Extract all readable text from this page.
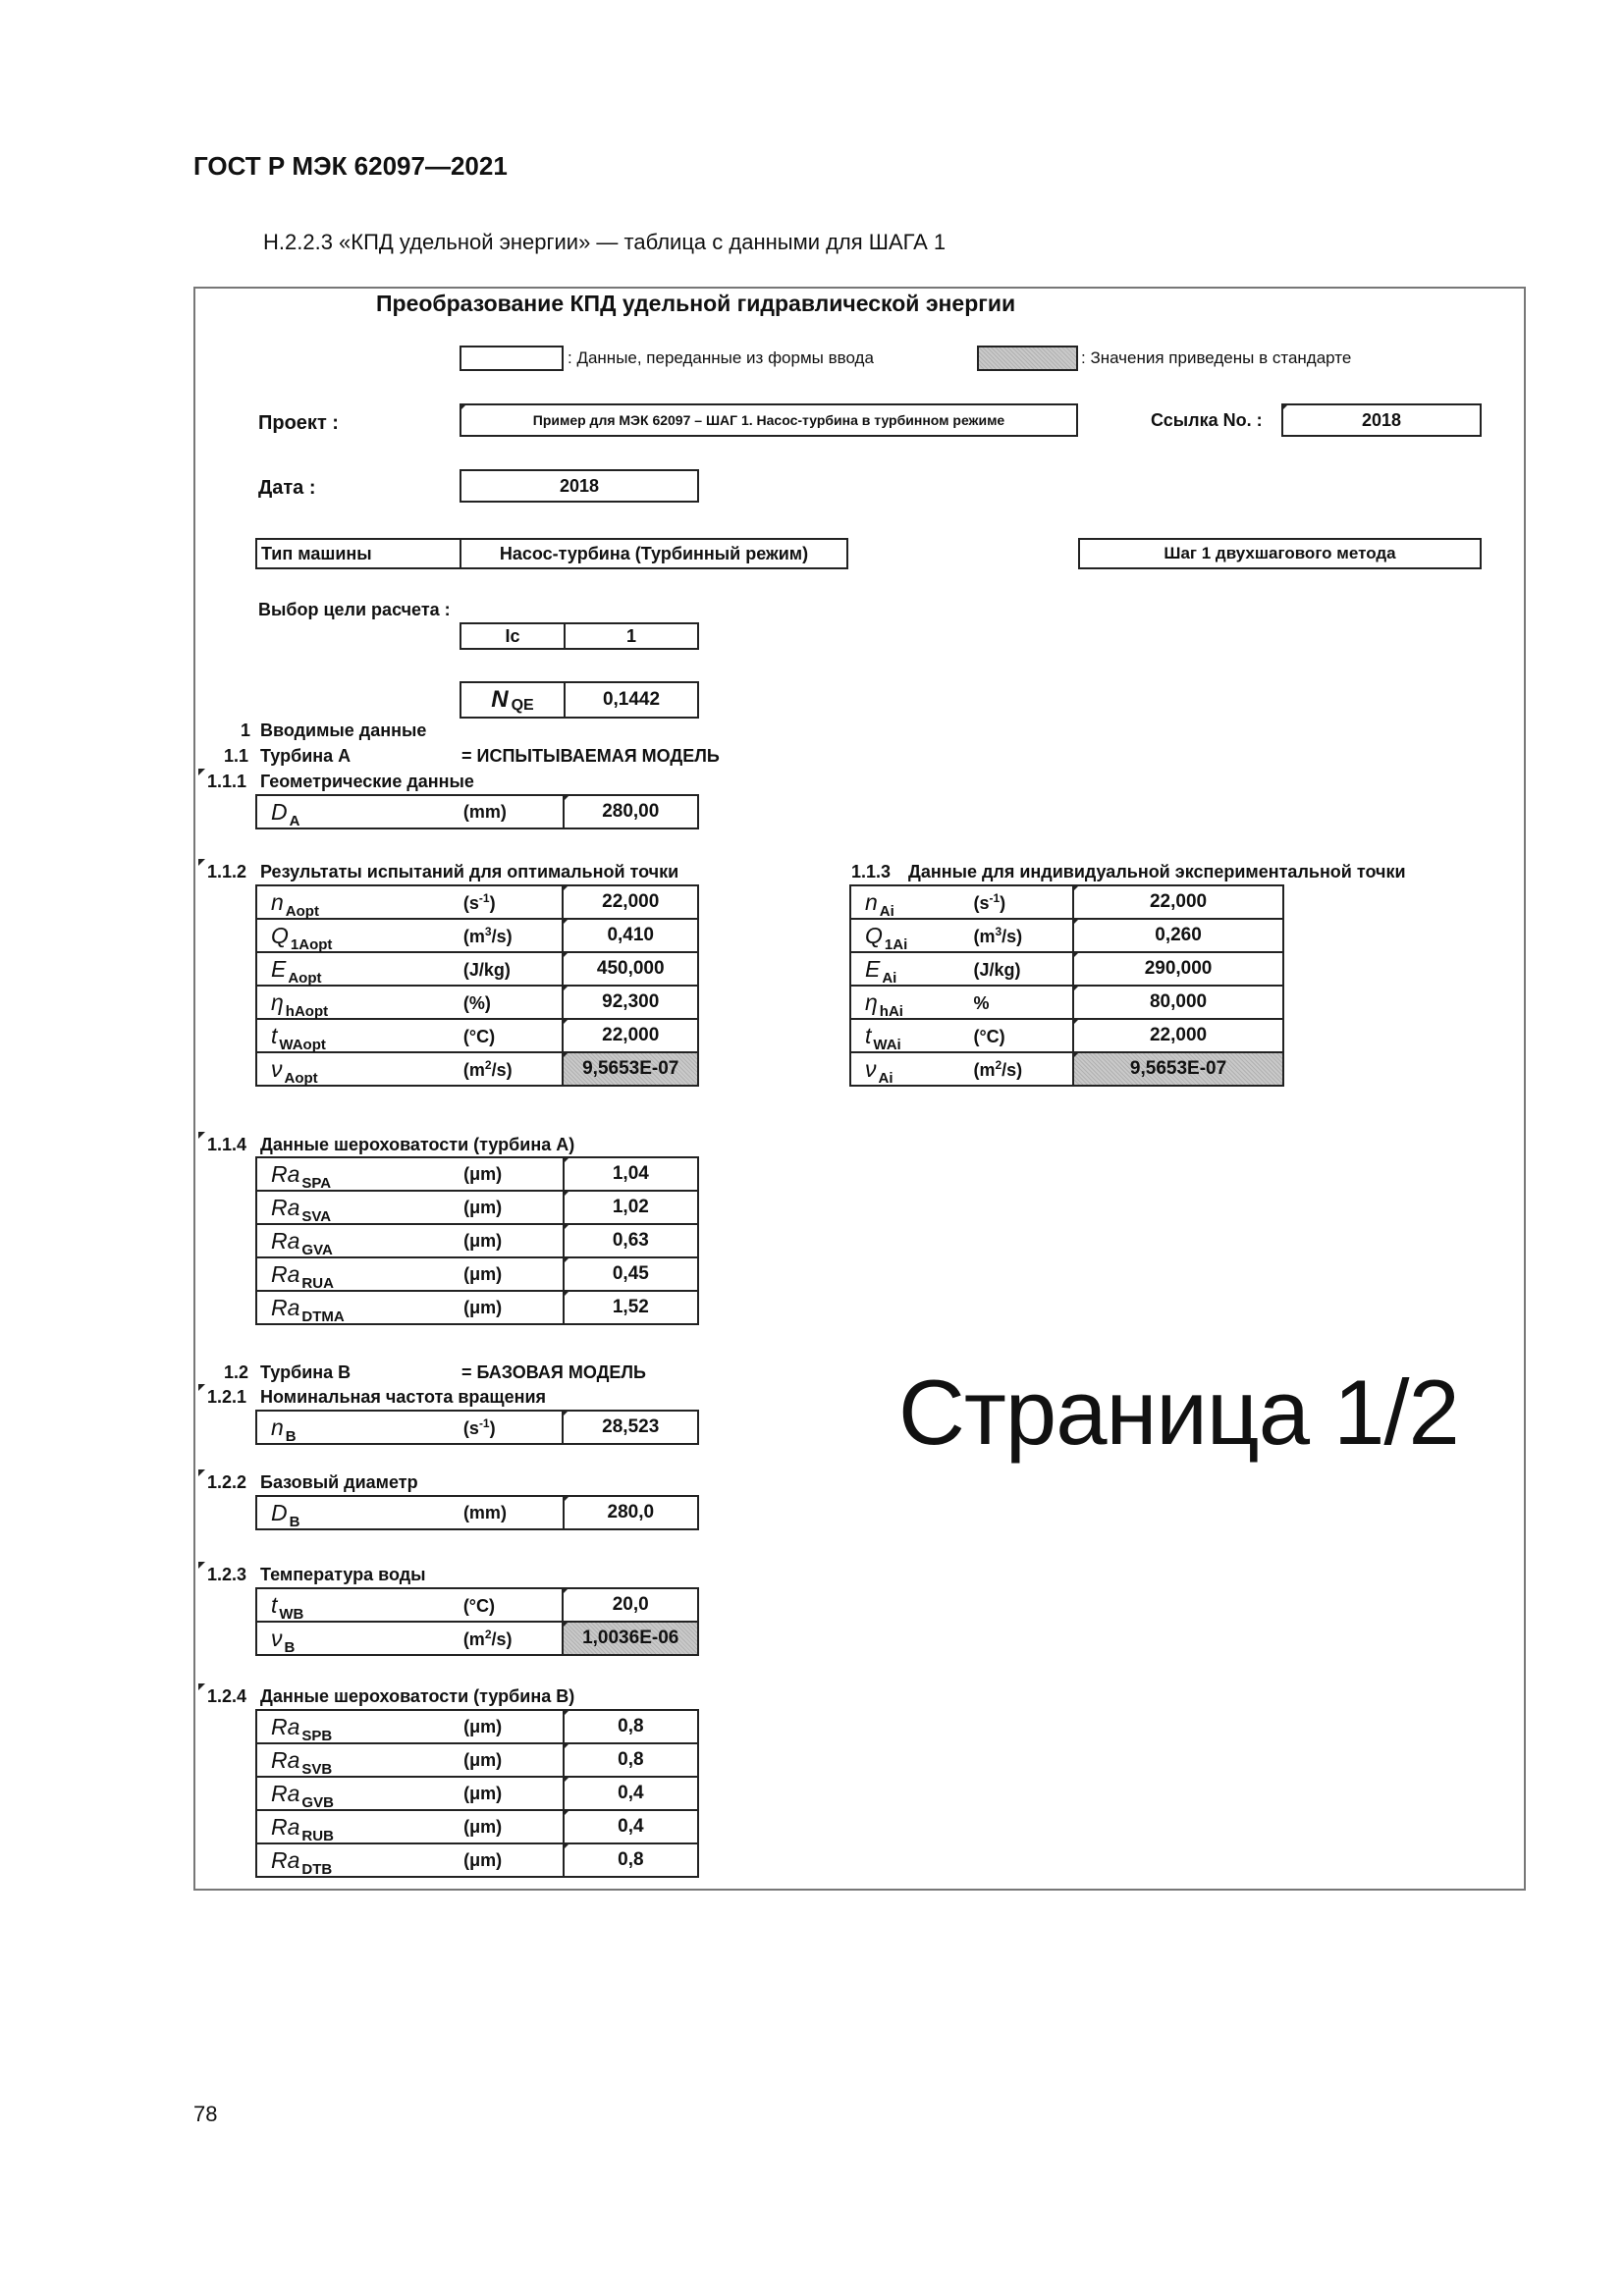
ГОСТ Р МЭК 62097—2021
Н.2.2.3 «КПД удельной энергии» — таблица с данными для ШАГА 1
Преобразование КПД удельной гидравлической энергии
: Данные, переданные из формы ввода	: Значения приведены в стандарте
Проект :	Пример для МЭК 62097 – ШАГ 1. Насос-турбина в турбинном режиме	Ссылка No. :	2018
Дата :	2018
Тип машины	Насос-турбина (Турбинный режим)	Шаг 1 двухшагового метода
Выбор цели расчета :
Ic	1
N QE	0,1442
1 Вводимые данные
1.1 Турбина A	= ИСПЫТЫВАЕМАЯ МОДЕЛЬ
1.1.1 Геометрические данные
D $_A$	(mm)	280,00
1.1.2 Результаты испытаний для оптимальной точки
n $_{Aopt}$	$(s^{-1})$	22,000
Q $_{1Aopt}$	$(m^3/s)$	0,410
E $_{Aopt}$	(J/kg)	450,000
η $_{hAopt}$	(%)	92,300
t $_{WAopt}$	(°C)	22,000
ν $_{Aopt}$	$(m^2/s)$	9,5653E-07
1.1.3 Данные для индивидуальной экспериментальной точки
n $_{Ai}$	$(s^{-1})$	22,000
Q $_{1Ai}$	$(m^3/s)$	0,260
E $_{Ai}$	(J/kg)	290,000
η $_{hAi}$	%	80,000
t $_{WAi}$	(°C)	22,000
ν $_{Ai}$	$(m^2/s)$	9,5653E-07
1.1.4 Данные шероховатости (турбина A)
Ra $_{SPA}$	(μm)	1,04
Ra $_{SVA}$	(μm)	1,02
Ra $_{GVA}$	(μm)	0,63
Ra $_{RUA}$	(μm)	0,45
Ra $_{DTMA}$	(μm)	1,52
1.2 Турбина B	= БАЗОВАЯ МОДЕЛЬ
1.2.1 Номинальная частота вращения
n $_B$	$(s^{-1})$	28,523	Страница 1/2
1.2.2 Базовый диаметр
D $_B$	(mm)	280,0
1.2.3 Температура воды
t $_{WB}$	(°C)	20,0
ν $_B$	$(m^2/s)$	1,0036E-06
1.2.4 Данные шероховатости (турбина B)
Ra $_{SPB}$	(μm)	0,8
Ra $_{SVB}$	(μm)	0,8
Ra $_{GVB}$	(μm)	0,4
Ra $_{RUB}$	(μm)	0,4
Ra $_{DTB}$	(μm)	0,8
78
